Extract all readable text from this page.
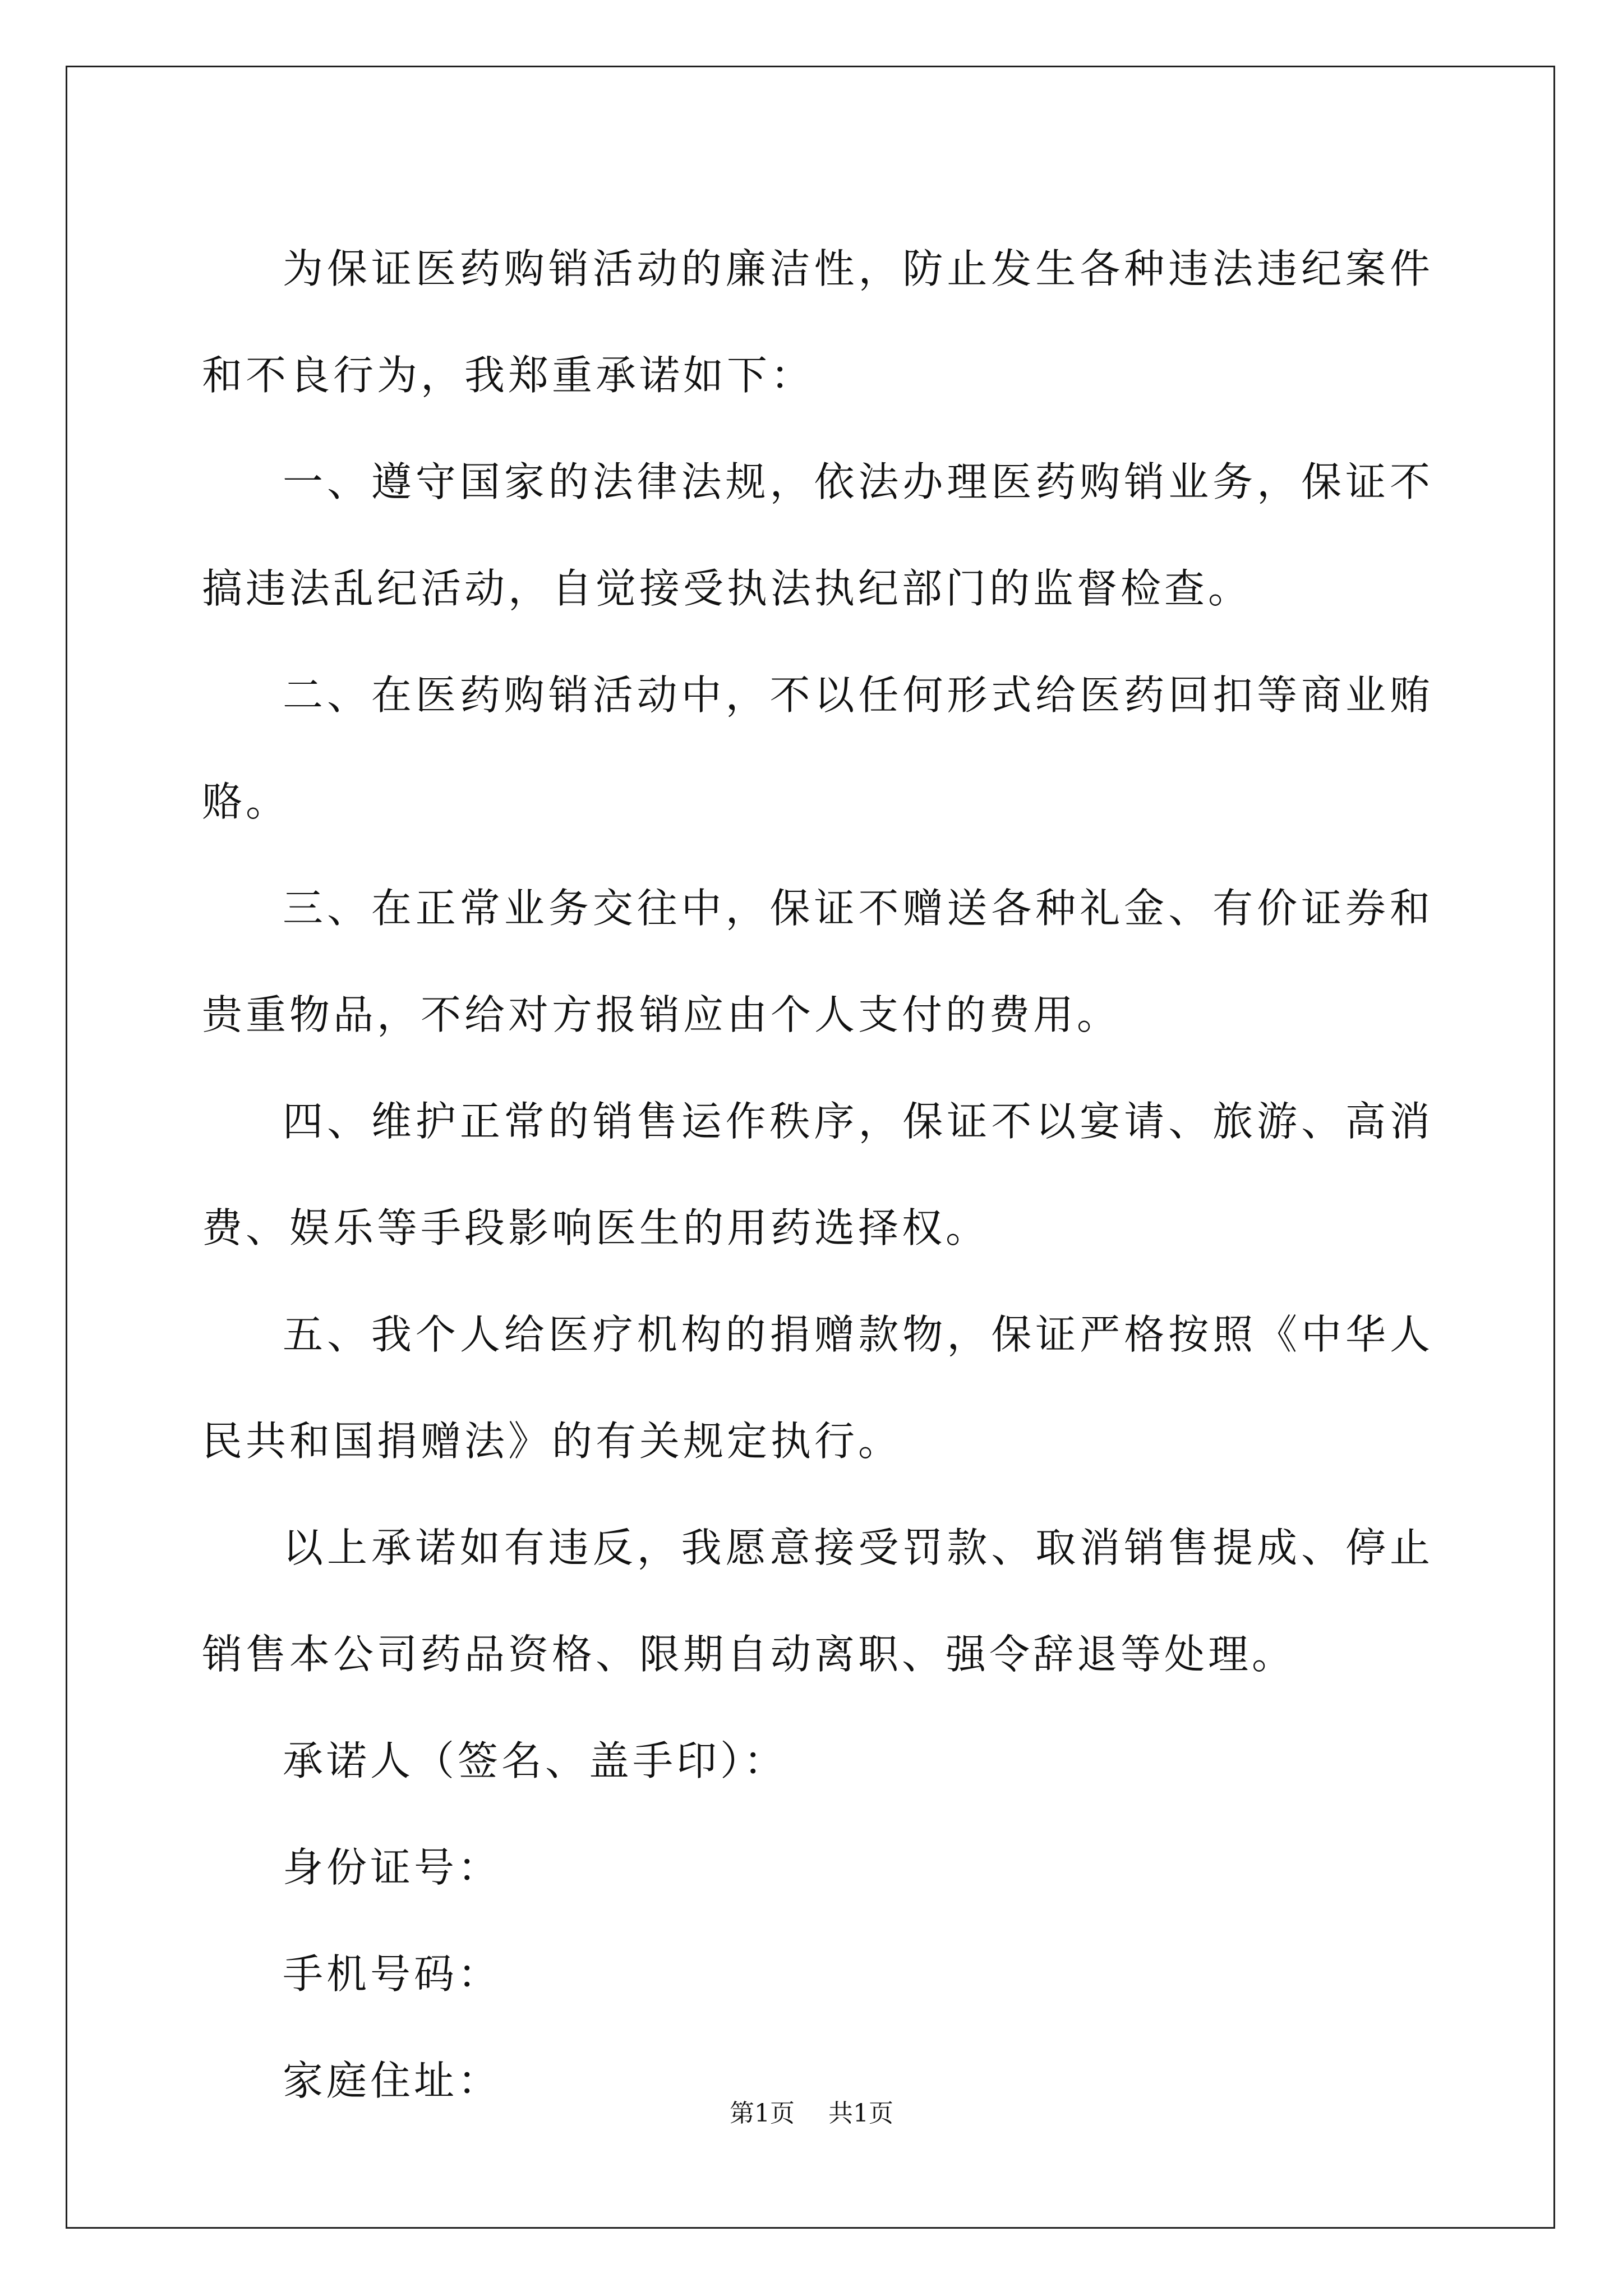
为保证医药购销活动的廉洁性，防止发生各种违法违纪案件和不良行为，我郑重承诺如下：

一、遵守国家的法律法规，依法办理医药购销业务，保证不搞违法乱纪活动，自觉接受执法执纪部门的监督检查。

二、在医药购销活动中，不以任何形式给医药回扣等商业贿赂。

三、在正常业务交往中，保证不赠送各种礼金、有价证券和贵重物品，不给对方报销应由个人支付的费用。

四、维护正常的销售运作秩序，保证不以宴请、旅游、高消费、娱乐等手段影响医生的用药选择权。

五、我个人给医疗机构的捐赠款物，保证严格按照《中华人民共和国捐赠法》的有关规定执行。

以上承诺如有违反，我愿意接受罚款、取消销售提成、停止销售本公司药品资格、限期自动离职、强令辞退等处理。

承诺人（签名、盖手印）：

身份证号：

手机号码：

家庭住址：

第1页 共1页
